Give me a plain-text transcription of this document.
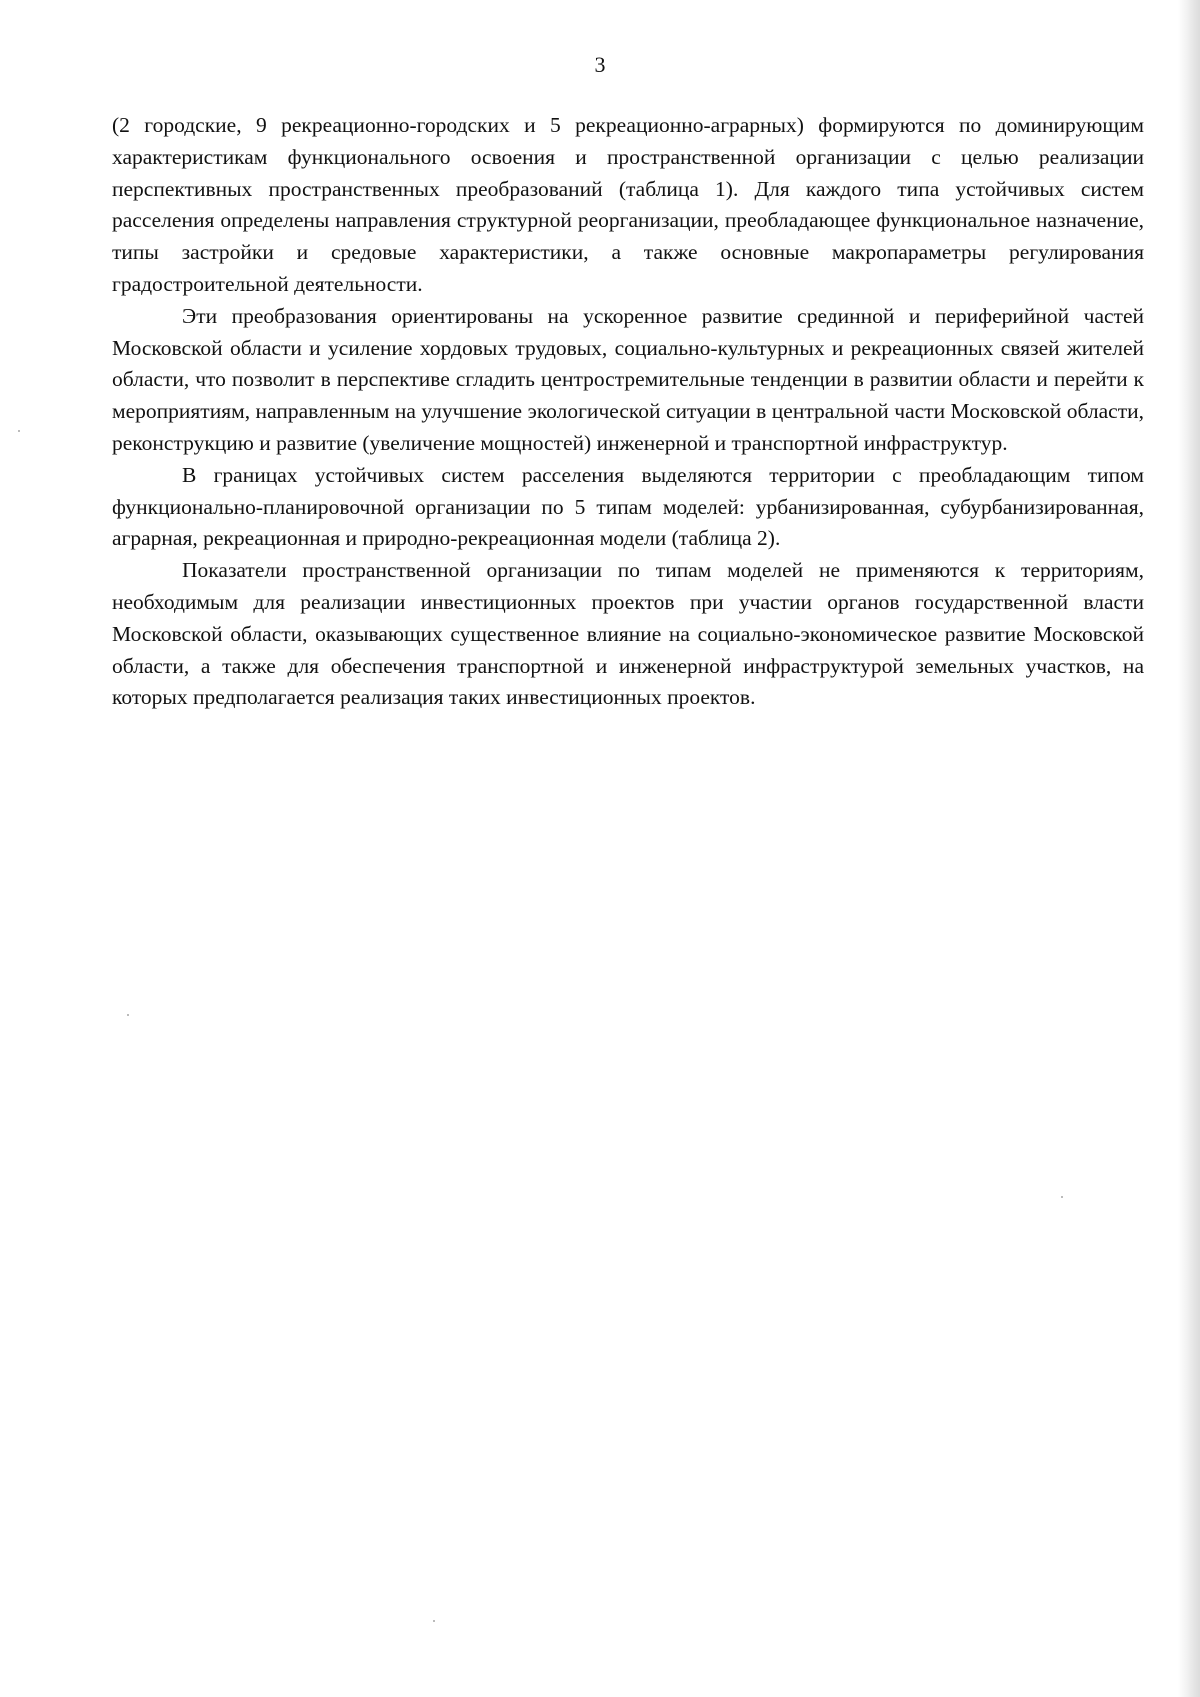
3

(2 городские, 9 рекреационно-городских и 5 рекреационно-аграрных) формируются по доминирующим характеристикам функционального освоения и пространственной организации с целью реализации перспективных пространственных преобразований (таблица 1). Для каждого типа устойчивых систем расселения определены направления структурной реорганизации, преобладающее функциональное назначение, типы застройки и средовые характеристики, а также основные макропараметры регулирования градостроительной деятельности.

Эти преобразования ориентированы на ускоренное развитие срединной и периферийной частей Московской области и усиление хордовых трудовых, социально-культурных и рекреационных связей жителей области, что позволит в перспективе сгладить центростремительные тенденции в развитии области и перейти к мероприятиям, направленным на улучшение экологической ситуации в центральной части Московской области, реконструкцию и развитие (увеличение мощностей) инженерной и транспортной инфраструктур.

В границах устойчивых систем расселения выделяются территории с преобладающим типом функционально-планировочной организации по 5 типам моделей: урбанизированная, субурбанизированная, аграрная, рекреационная и природно-рекреационная модели (таблица 2).

Показатели пространственной организации по типам моделей не применяются к территориям, необходимым для реализации инвестиционных проектов при участии органов государственной власти Московской области, оказывающих существенное влияние на социально-экономическое развитие Московской области, а также для обеспечения транспортной и инженерной инфраструктурой земельных участков, на которых предполагается реализация таких инвестиционных проектов.
